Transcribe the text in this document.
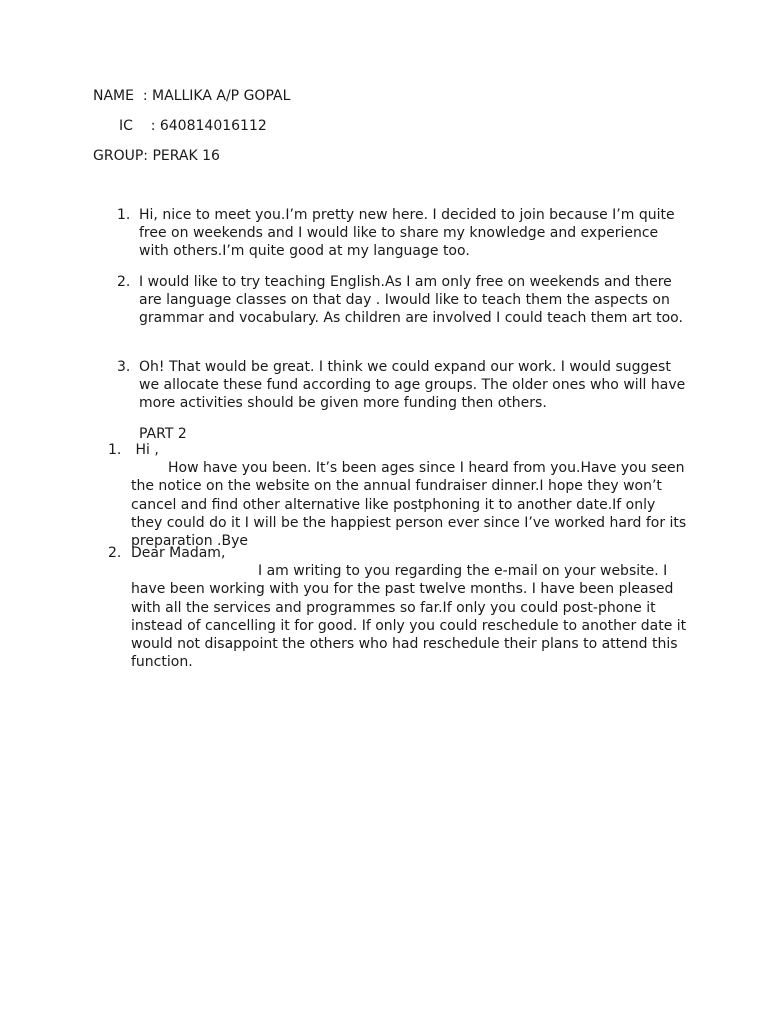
NAME  : MALLIKA A/P GOPAL
IC    : 640814016112
GROUP: PERAK 16
1. Hi, nice to meet you.I’m pretty new here. I decided to join because I’m quite free on weekends and I would like to share my knowledge and experience with others.I’m quite good at my language too.
2. I would like to try teaching English.As I am only free on weekends and there are language classes on that day . Iwould like to teach them the aspects on grammar and vocabulary. As children are involved I could teach them art too.
3. Oh! That would be great. I think we could expand our work. I would suggest we allocate these fund according to age groups. The older ones who will have more activities should be given more funding then others.
PART 2
1. Hi ,
How have you been. It’s been ages since I heard from you.Have you seen the notice on the website on the annual fundraiser dinner.I hope they won’t cancel and find other alternative like postphoning it to another date.If only they could do it I will be the happiest person ever since I’ve worked hard for its preparation .Bye
2. Dear Madam,
I am writing to you regarding the e-mail on your website. I have been working with you for the past twelve months. I have been pleased with all the services and programmes so far.If only you could post-phone it instead of cancelling it for good. If only you could reschedule to another date it would not disappoint the others who had reschedule their plans to attend this function.
